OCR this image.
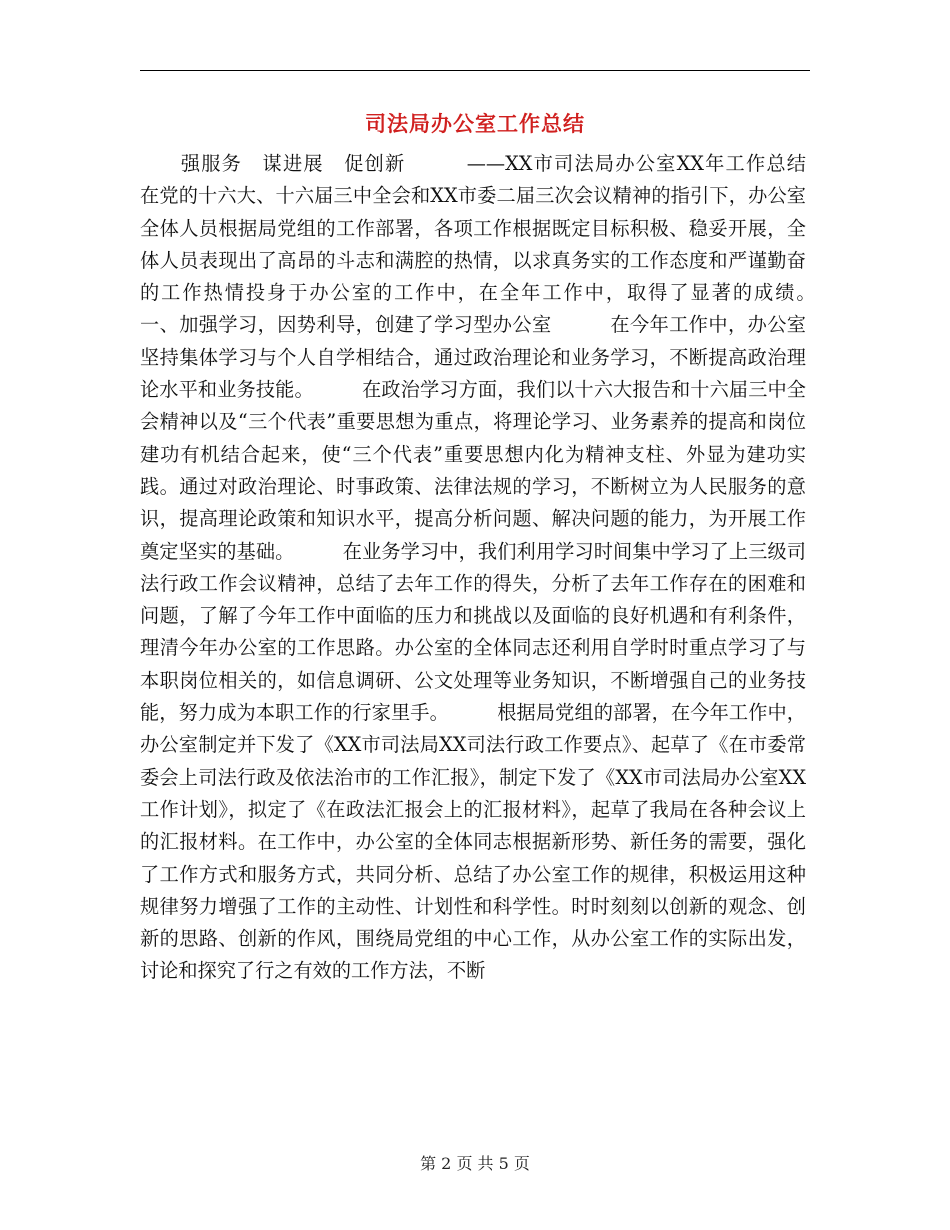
司法局办公室工作总结
　　强服务　谋进展　促创新　　　——XX市司法局办公室XX年工作总结　　　在党的十六大、十六届三中全会和XX市委二届三次会议精神的指引下，办公室全体人员根据局党组的工作部署，各项工作根据既定目标积极、稳妥开展，全体人员表现出了高昂的斗志和满腔的热情，以求真务实的工作态度和严谨勤奋的工作热情投身于办公室的工作中，在全年工作中，取得了显著的成绩。　　　一、加强学习，因势利导，创建了学习型办公室　　　在今年工作中，办公室坚持集体学习与个人自学相结合，通过政治理论和业务学习，不断提高政治理论水平和业务技能。　　　在政治学习方面，我们以十六大报告和十六届三中全会精神以及“三个代表”重要思想为重点，将理论学习、业务素养的提高和岗位建功有机结合起来，使“三个代表”重要思想内化为精神支柱、外显为建功实践。通过对政治理论、时事政策、法律法规的学习，不断树立为人民服务的意识，提高理论政策和知识水平，提高分析问题、解决问题的能力，为开展工作奠定坚实的基础。　　　在业务学习中，我们利用学习时间集中学习了上三级司法行政工作会议精神，总结了去年工作的得失，分析了去年工作存在的困难和问题，了解了今年工作中面临的压力和挑战以及面临的良好机遇和有利条件，理清今年办公室的工作思路。办公室的全体同志还利用自学时时重点学习了与本职岗位相关的，如信息调研、公文处理等业务知识，不断增强自己的业务技能，努力成为本职工作的行家里手。　　　根据局党组的部署，在今年工作中，办公室制定并下发了《XX市司法局XX司法行政工作要点》、起草了《在市委常委会上司法行政及依法治市的工作汇报》，制定下发了《XX市司法局办公室XX工作计划》，拟定了《在政法汇报会上的汇报材料》，起草了我局在各种会议上的汇报材料。在工作中，办公室的全体同志根据新形势、新任务的需要，强化了工作方式和服务方式，共同分析、总结了办公室工作的规律，积极运用这种规律努力增强了工作的主动性、计划性和科学性。时时刻刻以创新的观念、创新的思路、创新的作风，围绕局党组的中心工作，从办公室工作的实际出发，讨论和探究了行之有效的工作方法，不断
第 2 页 共 5 页
